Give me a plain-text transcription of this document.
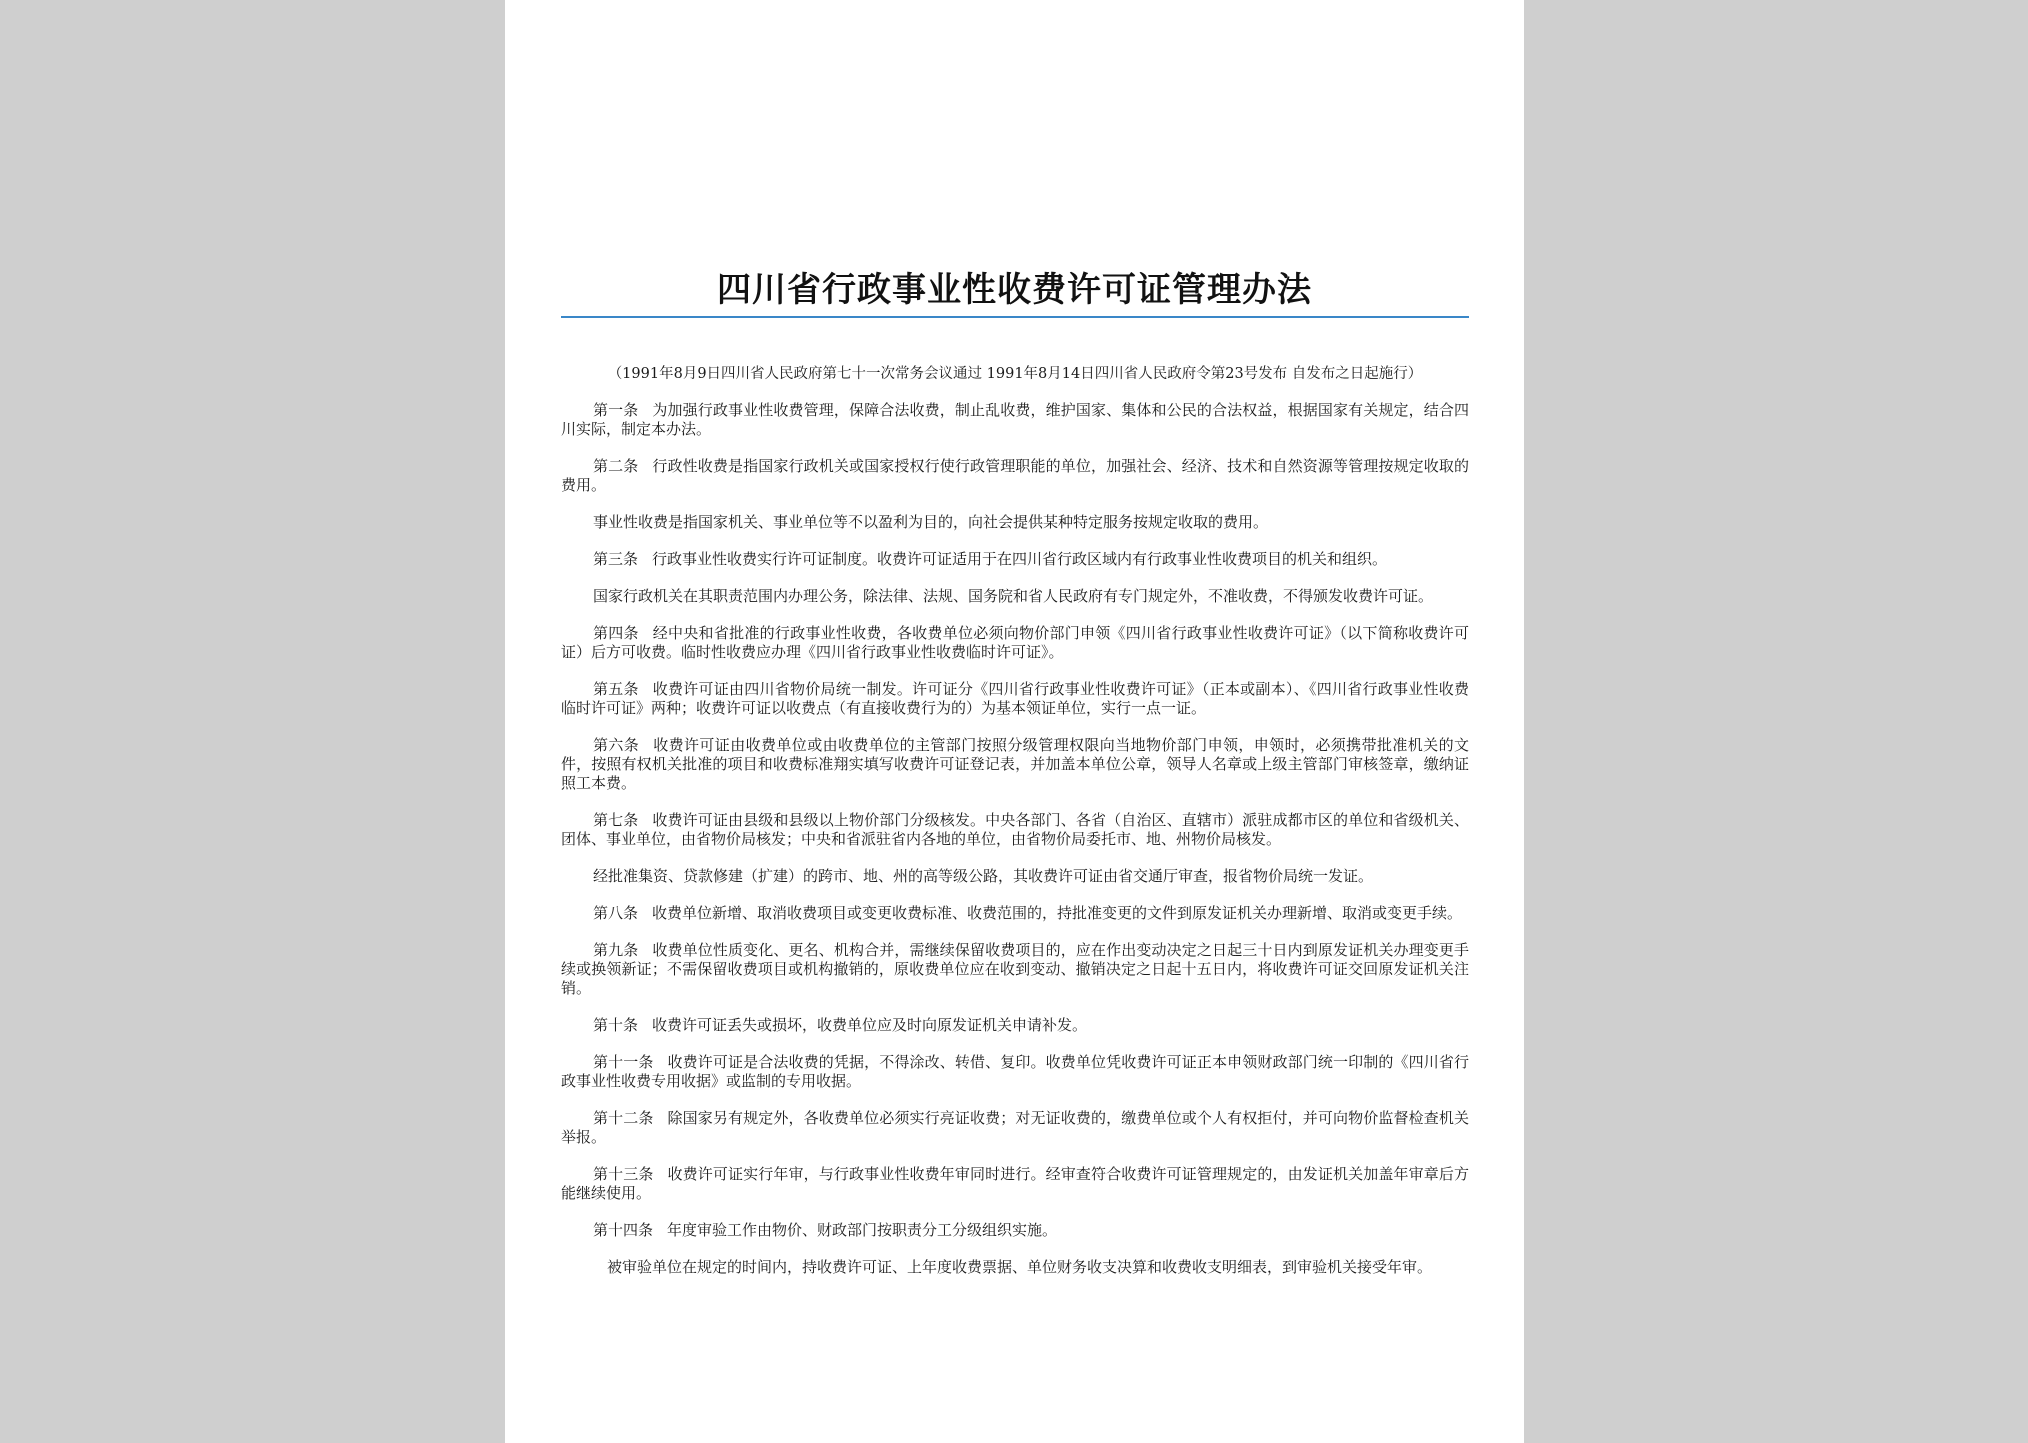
四川省行政事业性收费许可证管理办法

（1991年8月9日四川省人民政府第七十一次常务会议通过 1991年8月14日四川省人民政府令第23号发布 自发布之日起施行）

第一条 为加强行政事业性收费管理，保障合法收费，制止乱收费，维护国家、集体和公民的合法权益，根据国家有关规定，结合四川实际，制定本办法。

第二条 行政性收费是指国家行政机关或国家授权行使行政管理职能的单位，加强社会、经济、技术和自然资源等管理按规定收取的费用。

事业性收费是指国家机关、事业单位等不以盈利为目的，向社会提供某种特定服务按规定收取的费用。

第三条 行政事业性收费实行许可证制度。收费许可证适用于在四川省行政区域内有行政事业性收费项目的机关和组织。

国家行政机关在其职责范围内办理公务，除法律、法规、国务院和省人民政府有专门规定外，不准收费，不得颁发收费许可证。

第四条 经中央和省批准的行政事业性收费，各收费单位必须向物价部门申领《四川省行政事业性收费许可证》（以下简称收费许可证）后方可收费。临时性收费应办理《四川省行政事业性收费临时许可证》。

第五条 收费许可证由四川省物价局统一制发。许可证分《四川省行政事业性收费许可证》（正本或副本）、《四川省行政事业性收费临时许可证》两种；收费许可证以收费点（有直接收费行为的）为基本领证单位，实行一点一证。

第六条 收费许可证由收费单位或由收费单位的主管部门按照分级管理权限向当地物价部门申领，申领时，必须携带批准机关的文件，按照有权机关批准的项目和收费标准翔实填写收费许可证登记表，并加盖本单位公章，领导人名章或上级主管部门审核签章，缴纳证照工本费。

第七条 收费许可证由县级和县级以上物价部门分级核发。中央各部门、各省（自治区、直辖市）派驻成都市区的单位和省级机关、团体、事业单位，由省物价局核发；中央和省派驻省内各地的单位，由省物价局委托市、地、州物价局核发。

经批准集资、贷款修建（扩建）的跨市、地、州的高等级公路，其收费许可证由省交通厅审查，报省物价局统一发证。

第八条 收费单位新增、取消收费项目或变更收费标准、收费范围的，持批准变更的文件到原发证机关办理新增、取消或变更手续。

第九条 收费单位性质变化、更名、机构合并，需继续保留收费项目的，应在作出变动决定之日起三十日内到原发证机关办理变更手续或换领新证；不需保留收费项目或机构撤销的，原收费单位应在收到变动、撤销决定之日起十五日内，将收费许可证交回原发证机关注销。

第十条 收费许可证丢失或损坏，收费单位应及时向原发证机关申请补发。

第十一条 收费许可证是合法收费的凭据，不得涂改、转借、复印。收费单位凭收费许可证正本申领财政部门统一印制的《四川省行政事业性收费专用收据》或监制的专用收据。

第十二条 除国家另有规定外，各收费单位必须实行亮证收费；对无证收费的，缴费单位或个人有权拒付，并可向物价监督检查机关举报。

第十三条 收费许可证实行年审，与行政事业性收费年审同时进行。经审查符合收费许可证管理规定的，由发证机关加盖年审章后方能继续使用。

第十四条 年度审验工作由物价、财政部门按职责分工分级组织实施。

被审验单位在规定的时间内，持收费许可证、上年度收费票据、单位财务收支决算和收费收支明细表，到审验机关接受年审。
